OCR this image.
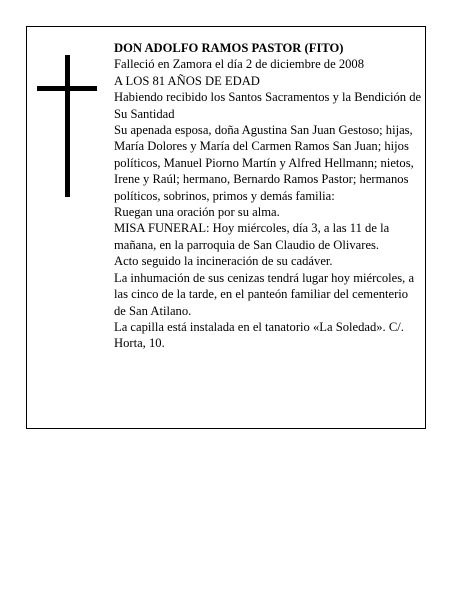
DON ADOLFO RAMOS PASTOR (FITO)

Falleció en Zamora el día 2 de diciembre de 2008

A LOS 81 AÑOS DE EDAD

Habiendo recibido los Santos Sacramentos y la Bendición de Su Santidad

Su apenada esposa, doña Agustina San Juan Gestoso; hijas, María Dolores y María del Carmen Ramos San Juan; hijos políticos, Manuel Piorno Martín y Alfred Hellmann; nietos, Irene y Raúl; hermano, Bernardo Ramos Pastor; hermanos políticos, sobrinos, primos y demás familia:

Ruegan una oración por su alma.

MISA FUNERAL: Hoy miércoles, día 3, a las 11 de la mañana, en la parroquia de San Claudio de Olivares.

Acto seguido la incineración de su cadáver.

La inhumación de sus cenizas tendrá lugar hoy miércoles, a las cinco de la tarde, en el panteón familiar del cementerio de San Atilano.

La capilla está instalada en el tanatorio «La Soledad». C/. Horta, 10.
